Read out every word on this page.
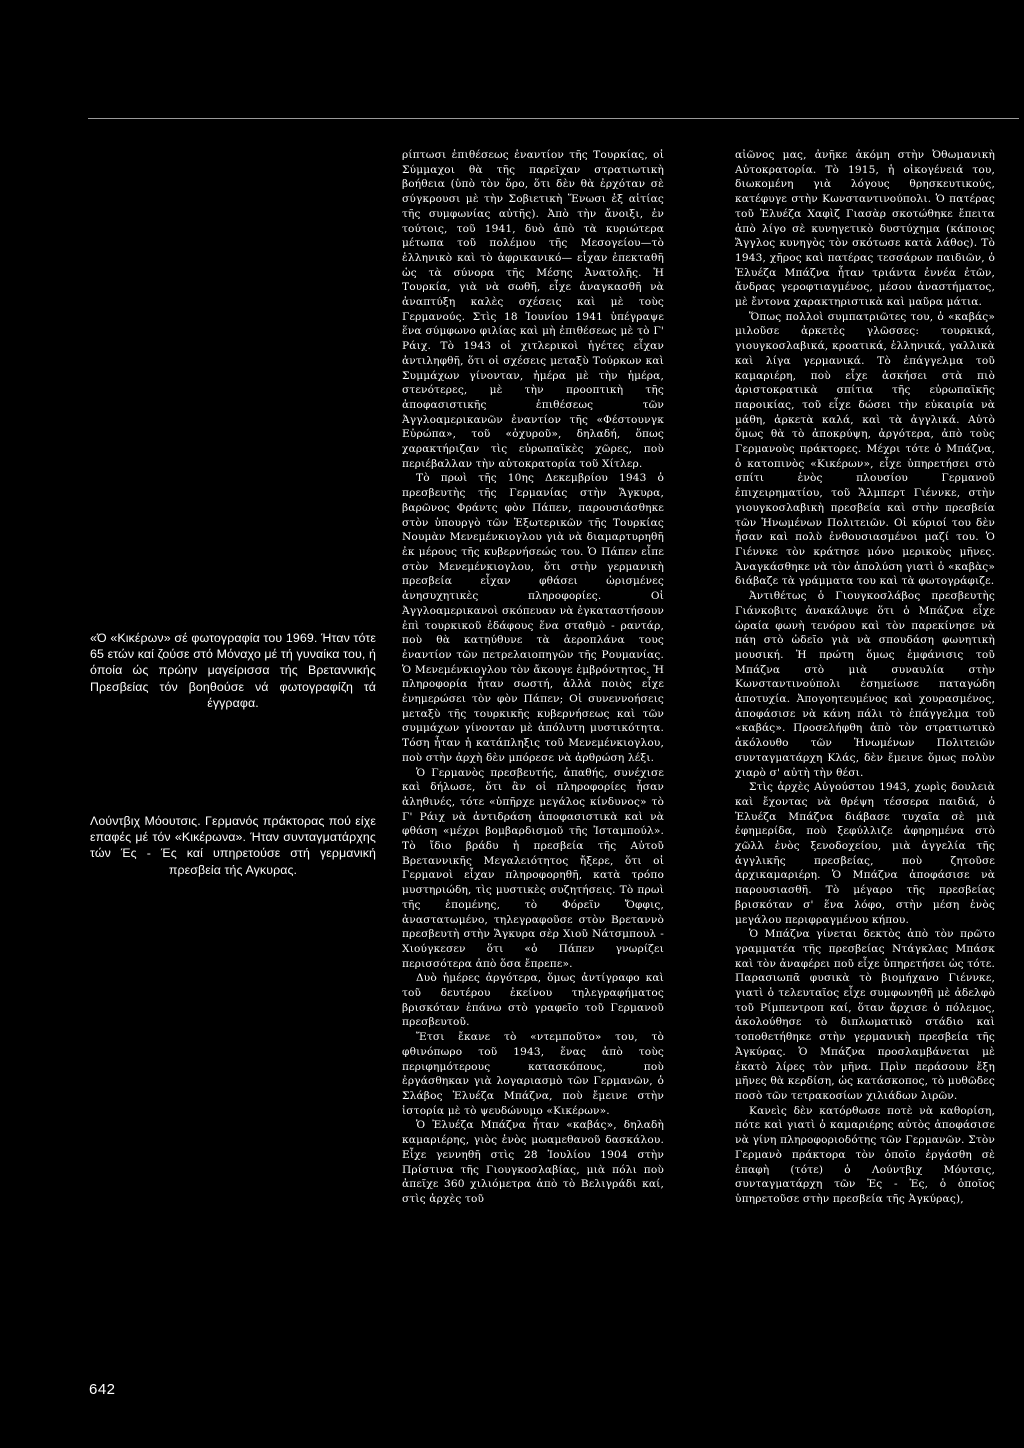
«Ό «Κικέρων» σέ φωτογραφία του 1969. Ήταν τότε 65 ετών καί ζούσε στό Μόναχο μέ τή γυναίκα του, ή όποία ώς πρώην μαγείρισσα τής Βρεταννικής Πρεσβείας τόν βοηθούσε νά φωτογραφίζη τά έγγραφα.

Λούντβιχ Μόουτσις. Γερμανός πράκτορας πού είχε επαφές μέ τόν «Κικέρωνα». Ήταν συνταγματάρχης τών Ές - Ές καί υπηρετούσε στή γερμανική πρεσβεία τής Αγκυρας.

ρίπτωσι ἐπιθέσεως ἐναντίον τῆς Τουρκίας, οἱ Σύμμαχοι θὰ τῆς παρεῖχαν στρατιωτικὴ βοήθεια (ὑπὸ τὸν ὅρο, ὅτι δὲν θὰ ἐρχόταν σὲ σύγκρουσι μὲ τὴν Σοβιετικὴ Ἕνωσι ἐξ αἰτίας τῆς συμφωνίας αὐτῆς). Ἀπὸ τὴν ἄνοιξι, ἐν τούτοις, τοῦ 1941, δυὸ ἀπὸ τὰ κυριώτερα μέτωπα τοῦ πολέμου τῆς Μεσογείου—τὸ ἑλληνικὸ καὶ τὸ ἀφρικανικό— εἶχαν ἐπεκταθῆ ὡς τὰ σύνορα τῆς Μέσης Ἀνατολῆς. Ἡ Τουρκία, γιὰ νὰ σωθῆ, εἶχε ἀναγκασθῆ νὰ ἀναπτύξη καλὲς σχέσεις καὶ μὲ τοὺς Γερμανούς. Στὶς 18 Ἰουνίου 1941 ὑπέγραψε ἕνα σύμφωνο φιλίας καὶ μὴ ἐπιθέσεως μὲ τὸ Γ' Ράιχ. Τὸ 1943 οἱ χιτλερικοὶ ἡγέτες εἶχαν ἀντιληφθῆ, ὅτι οἱ σχέσεις μεταξὺ Τούρκων καὶ Συμμάχων γίνονταν, ἡμέρα μὲ τὴν ἡμέρα, στενότερες, μὲ τὴν προοπτικὴ τῆς ἀποφασιστικῆς ἐπιθέσεως τῶν Ἀγγλοαμερικανῶν ἐναντίον τῆς «Φέστουνγκ Εὐρώπα», τοῦ «ὀχυροῦ», δηλαδή, ὅπως χαρακτήριζαν τὶς εὐρωπαϊκὲς χῶρες, ποὺ περιέβαλλαν τὴν αὐτοκρατορία τοῦ Χίτλερ.

Τὸ πρωὶ τῆς 10ης Δεκεμβρίου 1943 ὁ πρεσβευτὴς τῆς Γερμανίας στὴν Ἄγκυρα, βαρῶνος Φράντς φὸν Πάπεν, παρουσιάσθηκε στὸν ὑπουργὸ τῶν Ἐξωτερικῶν τῆς Τουρκίας Νουμὰν Μενεμένκιογλου γιὰ νὰ διαμαρτυρηθῆ ἐκ μέρους τῆς κυβερνήσεώς του. Ὁ Πάπεν εἶπε στὸν Μενεμένκιογλου, ὅτι στὴν γερμανικὴ πρεσβεία εἶχαν φθάσει ὡρισμένες ἀνησυχητικὲς πληροφορίες. Οἱ Ἀγγλοαμερικανοὶ σκόπευαν νὰ ἐγκαταστήσουν ἐπὶ τουρκικοῦ ἐδάφους ἕνα σταθμὸ - ραντάρ, ποὺ θὰ κατηύθυνε τὰ ἀεροπλάνα τους ἐναντίον τῶν πετρελαιοπηγῶν τῆς Ρουμανίας. Ὁ Μενεμένκιογλου τὸν ἄκουγε ἐμβρόντητος. Ἡ πληροφορία ἦταν σωστή, ἀλλὰ ποιὸς εἶχε ἐνημερώσει τὸν φὸν Πάπεν; Οἱ συνεννοήσεις μεταξὺ τῆς τουρκικῆς κυβερνήσεως καὶ τῶν συμμάχων γίνονταν μὲ ἀπόλυτη μυστικότητα. Τόση ἦταν ἡ κατάπληξις τοῦ Μενεμένκιογλου, ποὺ στὴν ἀρχὴ δὲν μπόρεσε νὰ ἀρθρώση λέξι.

Ὁ Γερμανὸς πρεσβευτής, ἀπαθής, συνέχισε καὶ δήλωσε, ὅτι ἂν οἱ πληροφορίες ἦσαν ἀληθινές, τότε «ὑπῆρχε μεγάλος κίνδυνος» τὸ Γ' Ράιχ νὰ ἀντιδράση ἀποφασιστικὰ καὶ νὰ φθάση «μέχρι βομβαρδισμοῦ τῆς Ἰσταμπούλ». Τὸ ἴδιο βράδυ ἡ πρεσβεία τῆς Αὐτοῦ Βρεταννικῆς Μεγαλειότητος ἤξερε, ὅτι οἱ Γερμανοὶ εἶχαν πληροφορηθῆ, κατὰ τρόπο μυστηριώδη, τὶς μυστικὲς συζητήσεις. Τὸ πρωὶ τῆς ἑπομένης, τὸ Φόρεϊν Ὄφφις, ἀναστατωμένο, τηλεγραφοῦσε στὸν Βρεταννὸ πρεσβευτὴ στὴν Ἄγκυρα σὲρ Χιοῦ Νάτσμπουλ - Χιούγκεσεν ὅτι «ὁ Πάπεν γνωρίζει περισσότερα ἀπὸ ὅσα ἔπρεπε».

Δυὸ ἡμέρες ἀργότερα, ὅμως ἀντίγραφο καὶ τοῦ δευτέρου ἐκείνου τηλεγραφήματος βρισκόταν ἐπάνω στὸ γραφεῖο τοῦ Γερμανοῦ πρεσβευτοῦ.

Ἔτσι ἔκανε τὸ «ντεμποῦτο» του, τὸ φθινόπωρο τοῦ 1943, ἕνας ἀπὸ τοὺς περιφημότερους κατασκόπους, ποὺ ἐργάσθηκαν γιὰ λογαριασμὸ τῶν Γερμανῶν, ὁ Σλάβος Ἐλυέζα Μπάζνα, ποὺ ἔμεινε στὴν ἱστορία μὲ τὸ ψευδώνυμο «Κικέρων».

Ὁ Ἐλυέζα Μπάζνα ἦταν «καβάς», δηλαδὴ καμαριέρης, γιὸς ἑνὸς μωαμεθανοῦ δασκάλου. Εἶχε γεννηθῆ στὶς 28 Ἰουλίου 1904 στὴν Πρίστινα τῆς Γιουγκοσλαβίας, μιὰ πόλι ποὺ ἀπεῖχε 360 χιλιόμετρα ἀπὸ τὸ Βελιγράδι καί, στὶς ἀρχὲς τοῦ

αἰῶνος μας, ἀνῆκε ἀκόμη στὴν Ὀθωμανικὴ Αὐτοκρατορία. Τὸ 1915, ἡ οἰκογένειά του, διωκομένη γιὰ λόγους θρησκευτικούς, κατέφυγε στὴν Κωνσταντινούπολι. Ὁ πατέρας τοῦ Ἐλυέζα Χαφὶζ Γιασὰρ σκοτώθηκε ἔπειτα ἀπὸ λίγο σὲ κυνηγετικὸ δυστύχημα (κάποιος Ἄγγλος κυνηγὸς τὸν σκότωσε κατὰ λάθος). Τὸ 1943, χῆρος καὶ πατέρας τεσσάρων παιδιῶν, ὁ Ἐλυέζα Μπάζνα ἦταν τριάντα ἐννέα ἐτῶν, ἄνδρας γεροφτιαγμένος, μέσου ἀναστήματος, μὲ ἔντονα χαρακτηριστικὰ καὶ μαῦρα μάτια.

Ὅπως πολλοὶ συμπατριῶτες του, ὁ «καβάς» μιλοῦσε ἀρκετὲς γλῶσσες: τουρκικά, γιουγκοσλαβικά, κροατικά, ἑλληνικά, γαλλικὰ καὶ λίγα γερμανικά. Τὸ ἐπάγγελμα τοῦ καμαριέρη, ποὺ εἶχε ἀσκήσει στὰ πιὸ ἀριστοκρατικὰ σπίτια τῆς εὐρωπαϊκῆς παροικίας, τοῦ εἶχε δώσει τὴν εὐκαιρία νὰ μάθη, ἀρκετὰ καλά, καὶ τὰ ἀγγλικά. Αὐτὸ ὅμως θὰ τὸ ἀποκρύψη, ἀργότερα, ἀπὸ τοὺς Γερμανοὺς πράκτορες. Μέχρι τότε ὁ Μπάζνα, ὁ κατοπινὸς «Κικέρων», εἶχε ὑπηρετήσει στὸ σπίτι ἑνὸς πλουσίου Γερμανοῦ ἐπιχειρηματίου, τοῦ Ἄλμπερτ Γιέννκε, στὴν γιουγκοσλαβικὴ πρεσβεία καὶ στὴν πρεσβεία τῶν Ἡνωμένων Πολιτειῶν. Οἱ κύριοί του δὲν ἦσαν καὶ πολὺ ἐνθουσιασμένοι μαζί του. Ὁ Γιέννκε τὸν κράτησε μόνο μερικοὺς μῆνες. Ἀναγκάσθηκε νὰ τὸν ἀπολύση γιατὶ ὁ «καβὰς» διάβαζε τὰ γράμματα του καὶ τὰ φωτογράφιζε.

Ἀντιθέτως ὁ Γιουγκοσλάβος πρεσβευτὴς Γιάνκοβιτς ἀνακάλυψε ὅτι ὁ Μπάζνα εἶχε ὡραία φωνὴ τενόρου καὶ τὸν παρεκίνησε νὰ πάη στὸ ὠδεῖο γιὰ νὰ σπουδάση φωνητικὴ μουσική. Ἡ πρώτη ὅμως ἐμφάνισις τοῦ Μπάζνα στὸ μιὰ συναυλία στὴν Κωνσταντινούπολι ἐσημείωσε παταγώδη ἀποτυχία. Ἀπογοητευμένος καὶ χουρασμένος, ἀποφάσισε νὰ κάνη πάλι τὸ ἐπάγγελμα τοῦ «καβάς». Προσελήφθη ἀπὸ τὸν στρατιωτικὸ ἀκόλουθο τῶν Ἡνωμένων Πολιτειῶν συνταγματάρχη Κλάς, δὲν ἔμεινε ὅμως πολὺν χιαρὸ σ' αὐτὴ τὴν θέσι.

Στὶς ἀρχὲς Αὐγούστου 1943, χωρὶς δουλειὰ καὶ ἔχοντας νὰ θρέψη τέσσερα παιδιά, ὁ Ἐλυέζα Μπάζνα διάβασε τυχαῖα σὲ μιὰ ἐφημερίδα, ποὺ ξεφύλλιζε ἀφηρημένα στὸ χῶλλ ἑνὸς ξενοδοχείου, μιὰ ἀγγελία τῆς ἀγγλικῆς πρεσβείας, ποὺ ζητοῦσε ἀρχικαμαριέρη. Ὁ Μπάζνα ἀποφάσισε νὰ παρουσιασθῆ. Τὸ μέγαρο τῆς πρεσβείας βρισκόταν σ' ἕνα λόφο, στὴν μέση ἑνὸς μεγάλου περιφραγμένου κήπου.

Ὁ Μπάζνα γίνεται δεκτὸς ἀπὸ τὸν πρῶτο γραμματέα τῆς πρεσβείας Ντάγκλας Μπάσκ καὶ τὸν ἀναφέρει ποῦ εἶχε ὑπηρετήσει ὡς τότε. Παρασιωπᾶ φυσικὰ τὸ βιομήχανο Γιέννκε, γιατὶ ὁ τελευταῖος εἶχε συμφωνηθῆ μὲ ἀδελφὸ τοῦ Ρίμπεντροπ καί, ὅταν ἄρχισε ὁ πόλεμος, ἀκολούθησε τὸ διπλωματικὸ στάδιο καὶ τοποθετήθηκε στὴν γερμανικὴ πρεσβεία τῆς Ἀγκύρας. Ὁ Μπάζνα προσλαμβάνεται μὲ ἑκατὸ λίρες τὸν μῆνα. Πρὶν περάσουν ἔξη μῆνες θὰ κερδίση, ὡς κατάσκοπος, τὸ μυθῶδες ποσὸ τῶν τετρακοσίων χιλιάδων λιρῶν.

Κανεὶς δὲν κατόρθωσε ποτὲ νὰ καθορίση, πότε καὶ γιατὶ ὁ καμαριέρης αὐτὸς ἀποφάσισε νὰ γίνη πληροφοριοδότης τῶν Γερμανῶν. Στὸν Γερμανὸ πράκτορα τὸν ὁποῖο ἐργάσθη σὲ ἐπαφὴ (τότε) ὁ Λούντβιχ Μόυτσις, συνταγματάρχη τῶν Ἐς - Ἐς, ὁ ὁποῖος ὑπηρετοῦσε στὴν πρεσβεία τῆς Ἀγκύρας),

642
